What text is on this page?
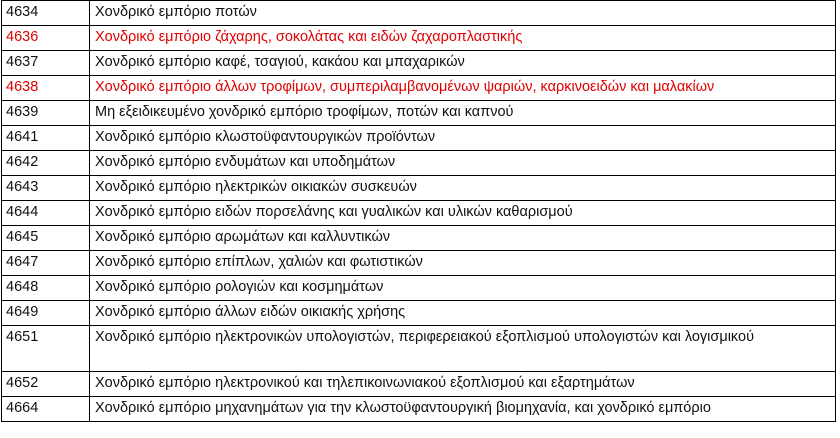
4634	Χονδρικό εμπόριο ποτών

4636	Χονδρικό εμπόριο ζάχαρης, σοκολάτας και ειδών ζαχαροπλαστικής

4637	Χονδρικό εμπόριο καφέ, τσαγιού, κακάου και μπαχαρικών

4638	Χονδρικό εμπόριο άλλων τροφίμων, συμπεριλαμβανομένων ψαριών, καρκινοειδών και μαλακίων

4639	Μη εξειδικευμένο χονδρικό εμπόριο τροφίμων, ποτών και καπνού

4641	Χονδρικό εμπόριο κλωστοϋφαντουργικών προϊόντων

4642	Χονδρικό εμπόριο ενδυμάτων και υποδημάτων

4643	Χονδρικό εμπόριο ηλεκτρικών οικιακών συσκευών

4644	Χονδρικό εμπόριο ειδών πορσελάνης και γυαλικών και υλικών καθαρισμού

4645	Χονδρικό εμπόριο αρωμάτων και καλλυντικών

4647	Χονδρικό εμπόριο επίπλων, χαλιών και φωτιστικών

4648	Χονδρικό εμπόριο ρολογιών και κοσμημάτων

4649	Χονδρικό εμπόριο άλλων ειδών οικιακής χρήσης

4651	Χονδρικό εμπόριο ηλεκτρονικών υπολογιστών, περιφερειακού εξοπλισμού υπολογιστών και λογισμικού

4652	Χονδρικό εμπόριο ηλεκτρονικού και τηλεπικοινωνιακού εξοπλισμού και εξαρτημάτων

4664	Χονδρικό εμπόριο μηχανημάτων για την κλωστοϋφαντουργική βιομηχανία, και χονδρικό εμπόριο
